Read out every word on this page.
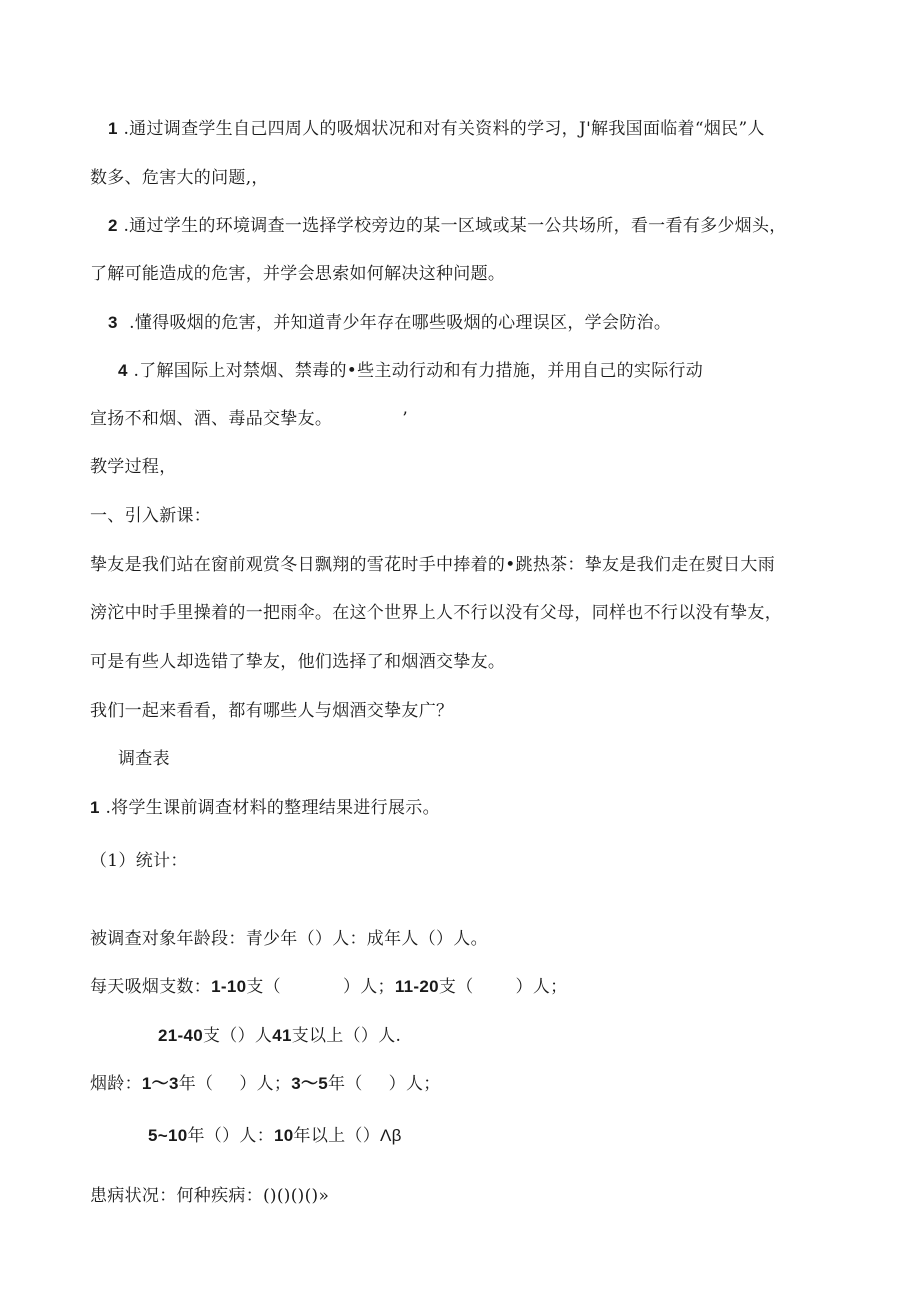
1 .通过调查学生自己四周人的吸烟状况和对有关资料的学习，J'解我国面临着“烟民”人
数多、危害大的问题,，
2 .通过学生的环境调查一选择学校旁边的某一区域或某一公共场所，看一看有多少烟头，
了解可能造成的危害，并学会思索如何解决这种问题。
3  .懂得吸烟的危害，并知道青少年存在哪些吸烟的心理误区，学会防治。
4 .了解国际上对禁烟、禁毒的•些主动行动和有力措施，并用自己的实际行动
宣扬不和烟、酒、毒品交挚友。	’
教学过程，
一、引入新课：
挚友是我们站在窗前观赏冬日飘翔的雪花时手中捧着的•跳热茶：挚友是我们走在熨日大雨
滂沱中时手里操着的一把雨伞。在这个世界上人不行以没有父母，同样也不行以没有挚友，
可是有些人却选错了挚友，他们选择了和烟酒交挚友。
我们一起来看看，都有哪些人与烟酒交挚友广？
调查表
1 .将学生课前调查材料的整理结果进行展示。
（1）统计：
被调查对象年龄段：青少年（）人：成年人（）人。
每天吸烟支数：1-10支（	）人；11-20支（ ）人；
21-40支（）人41支以上（）人.
烟龄：1〜3年（ ）人；3〜5年（ ）人；
5~10年（）人：10年以上（）Λβ
患病状况：何种疾病：()()()()»
